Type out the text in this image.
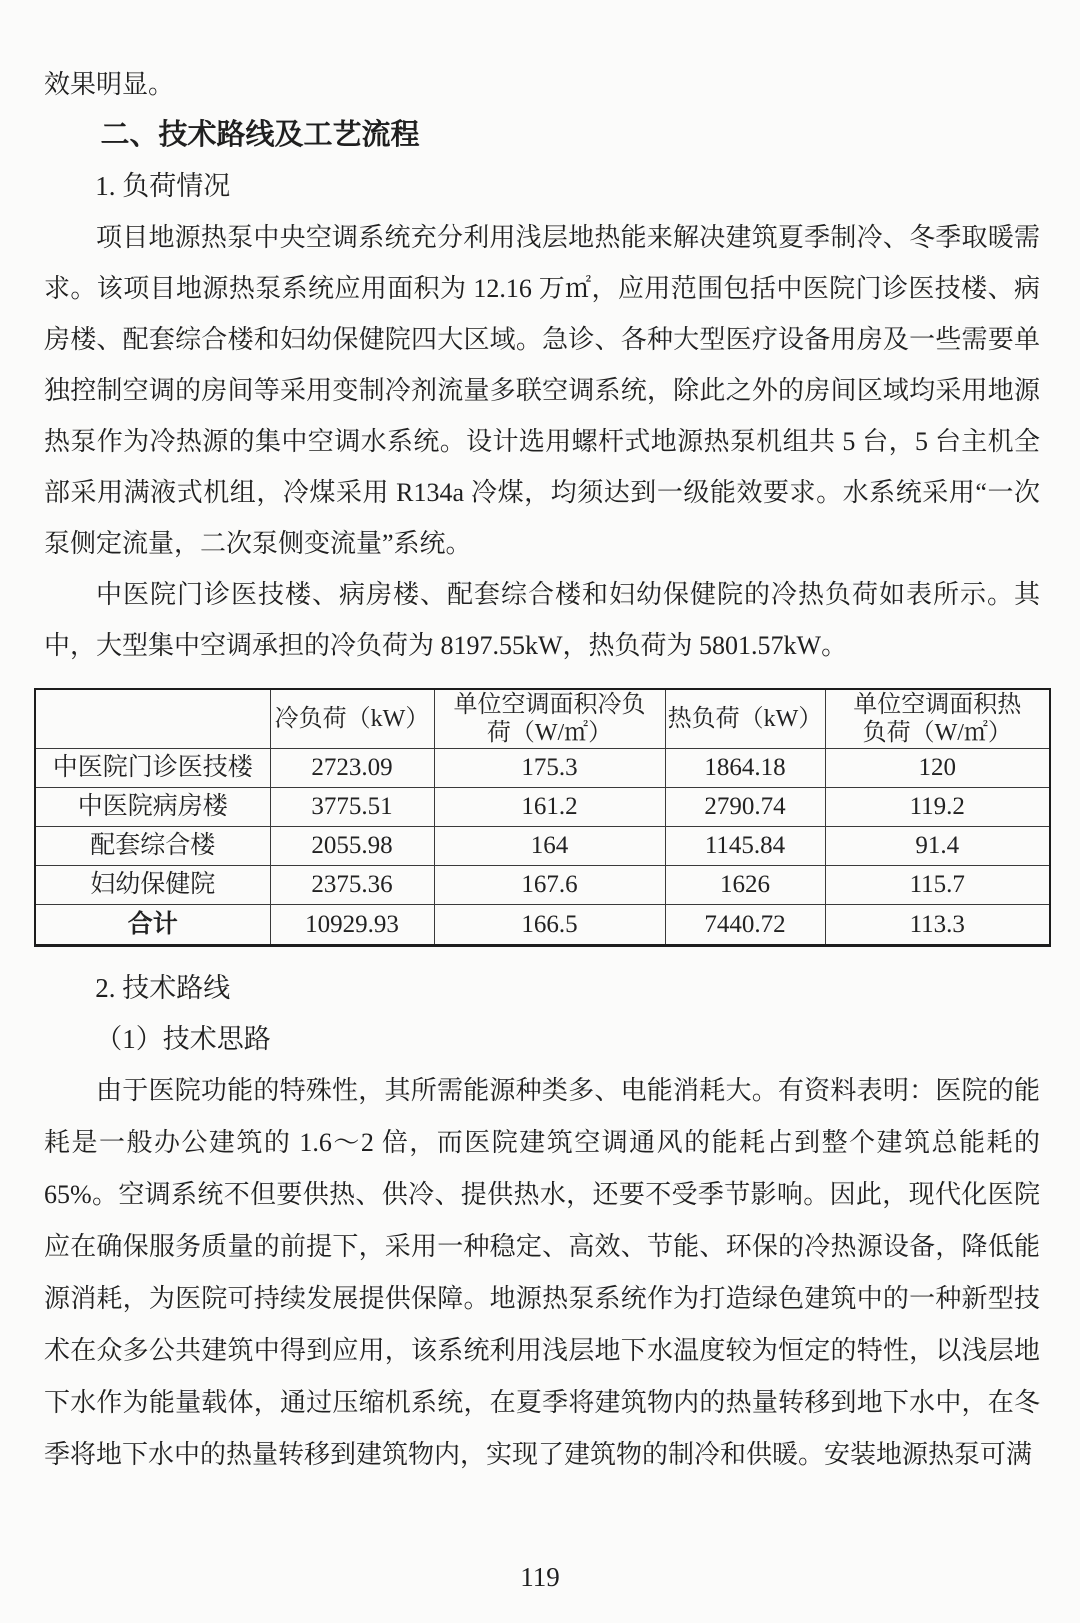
效果明显。

二、技术路线及工艺流程
1. 负荷情况

项目地源热泵中央空调系统充分利用浅层地热能来解决建筑夏季制冷、冬季取暖需求。该项目地源热泵系统应用面积为 12.16 万㎡，应用范围包括中医院门诊医技楼、病房楼、配套综合楼和妇幼保健院四大区域。急诊、各种大型医疗设备用房及一些需要单独控制空调的房间等采用变制冷剂流量多联空调系统，除此之外的房间区域均采用地源热泵作为冷热源的集中空调水系统。设计选用螺杆式地源热泵机组共 5 台，5 台主机全部采用满液式机组，冷煤采用 R134a 冷煤，均须达到一级能效要求。水系统采用“一次泵侧定流量，二次泵侧变流量”系统。

中医院门诊医技楼、病房楼、配套综合楼和妇幼保健院的冷热负荷如表所示。其中，大型集中空调承担的冷负荷为 8197.55kW，热负荷为 5801.57kW。

	冷负荷（kW）	单位空调面积冷负荷（W/㎡）	热负荷（kW）	单位空调面积热负荷（W/㎡）
中医院门诊医技楼	2723.09	175.3	1864.18	120
中医院病房楼	3775.51	161.2	2790.74	119.2
配套综合楼	2055.98	164	1145.84	91.4
妇幼保健院	2375.36	167.6	1626	115.7
合计	10929.93	166.5	7440.72	113.3
2. 技术路线
（1）技术思路

由于医院功能的特殊性，其所需能源种类多、电能消耗大。有资料表明：医院的能耗是一般办公建筑的 1.6～2 倍，而医院建筑空调通风的能耗占到整个建筑总能耗的 65%。空调系统不但要供热、供冷、提供热水，还要不受季节影响。因此，现代化医院应在确保服务质量的前提下，采用一种稳定、高效、节能、环保的冷热源设备，降低能源消耗，为医院可持续发展提供保障。地源热泵系统作为打造绿色建筑中的一种新型技术在众多公共建筑中得到应用，该系统利用浅层地下水温度较为恒定的特性，以浅层地下水作为能量载体，通过压缩机系统，在夏季将建筑物内的热量转移到地下水中，在冬季将地下水中的热量转移到建筑物内，实现了建筑物的制冷和供暖。安装地源热泵可满

119
